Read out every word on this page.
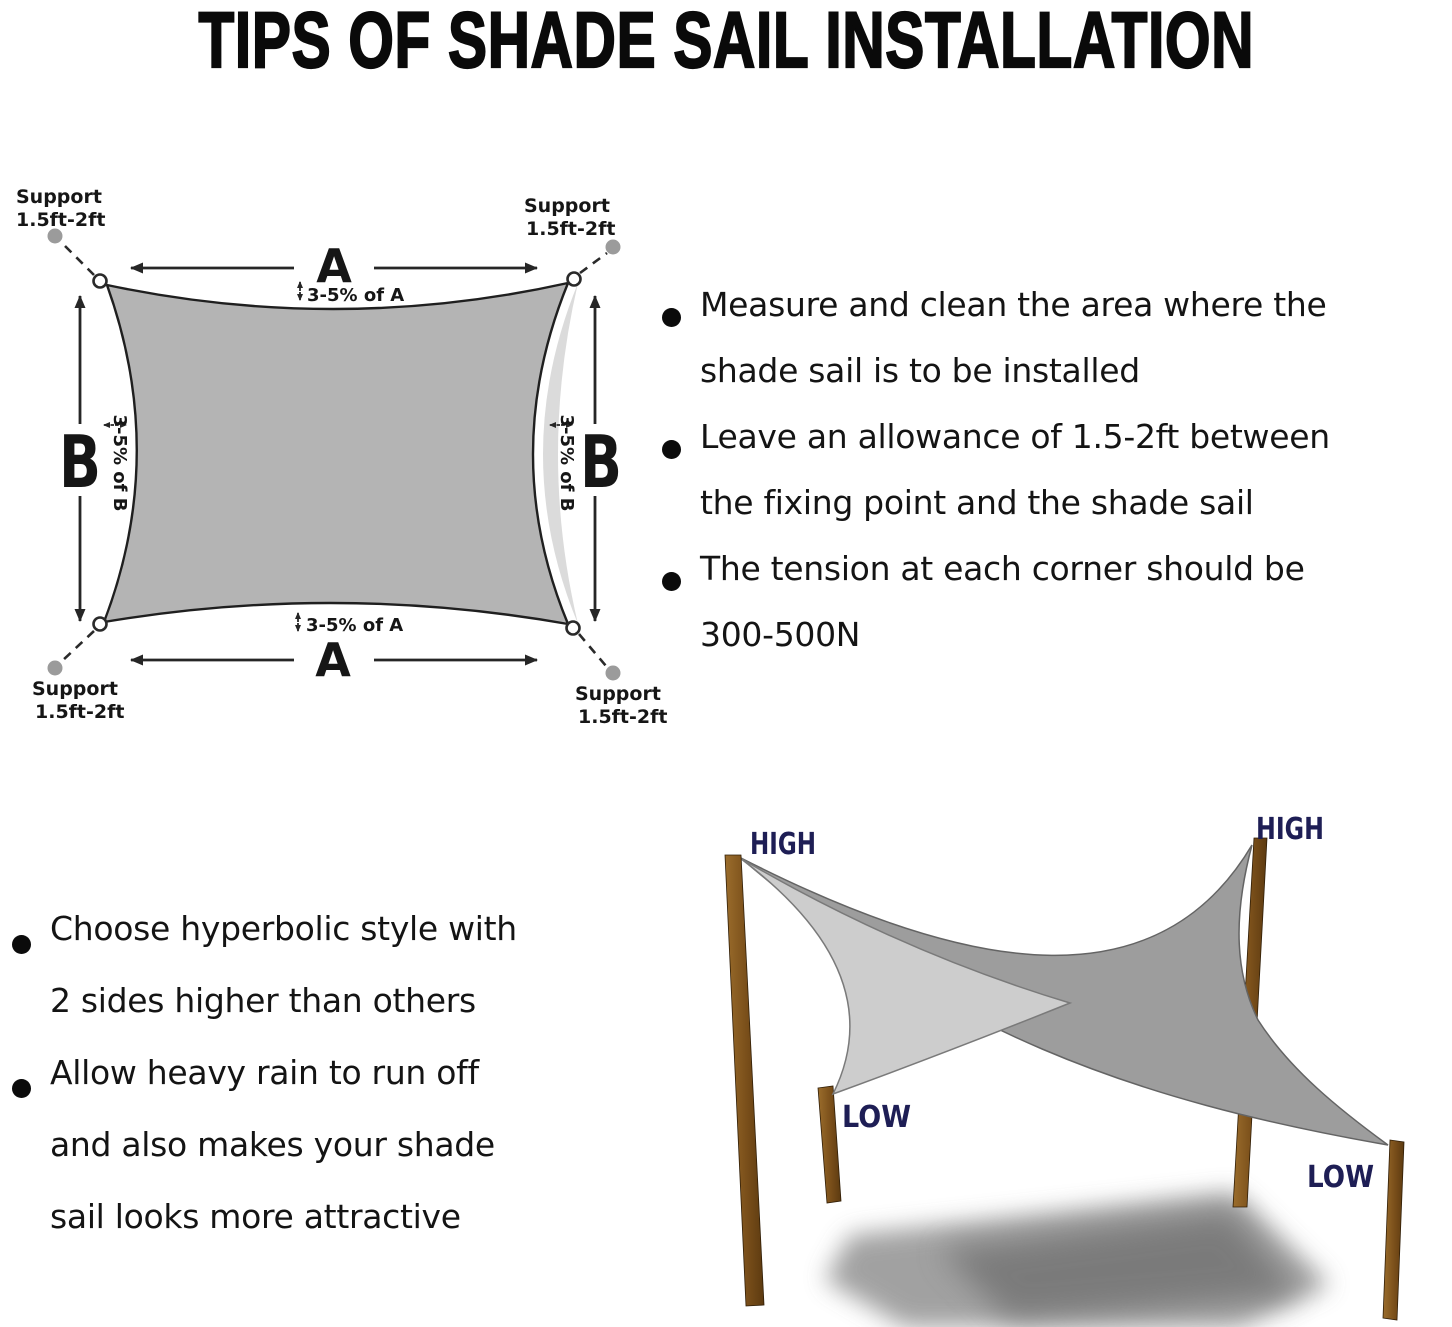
TIPS OF SHADE SAIL INSTALLATION
Support
1.5ft-2ft
Support
1.5ft-2ft
Support
1.5ft-2ft
Support
1.5ft-2ft
A
3-5% of A
A
3-5% of A
B 3-5% of B	B
3-5% of B
Measure and clean the area where the
shade sail is to be installed
Leave an allowance of 1.5-2ft between
the fixing point and the shade sail
The tension at each corner should be
300-500N
Choose hyperbolic style with
2 sides higher than others
Allow heavy rain to run off
and also makes your shade
sail looks more attractive
HIGH	HIGH
LOW
LOW
